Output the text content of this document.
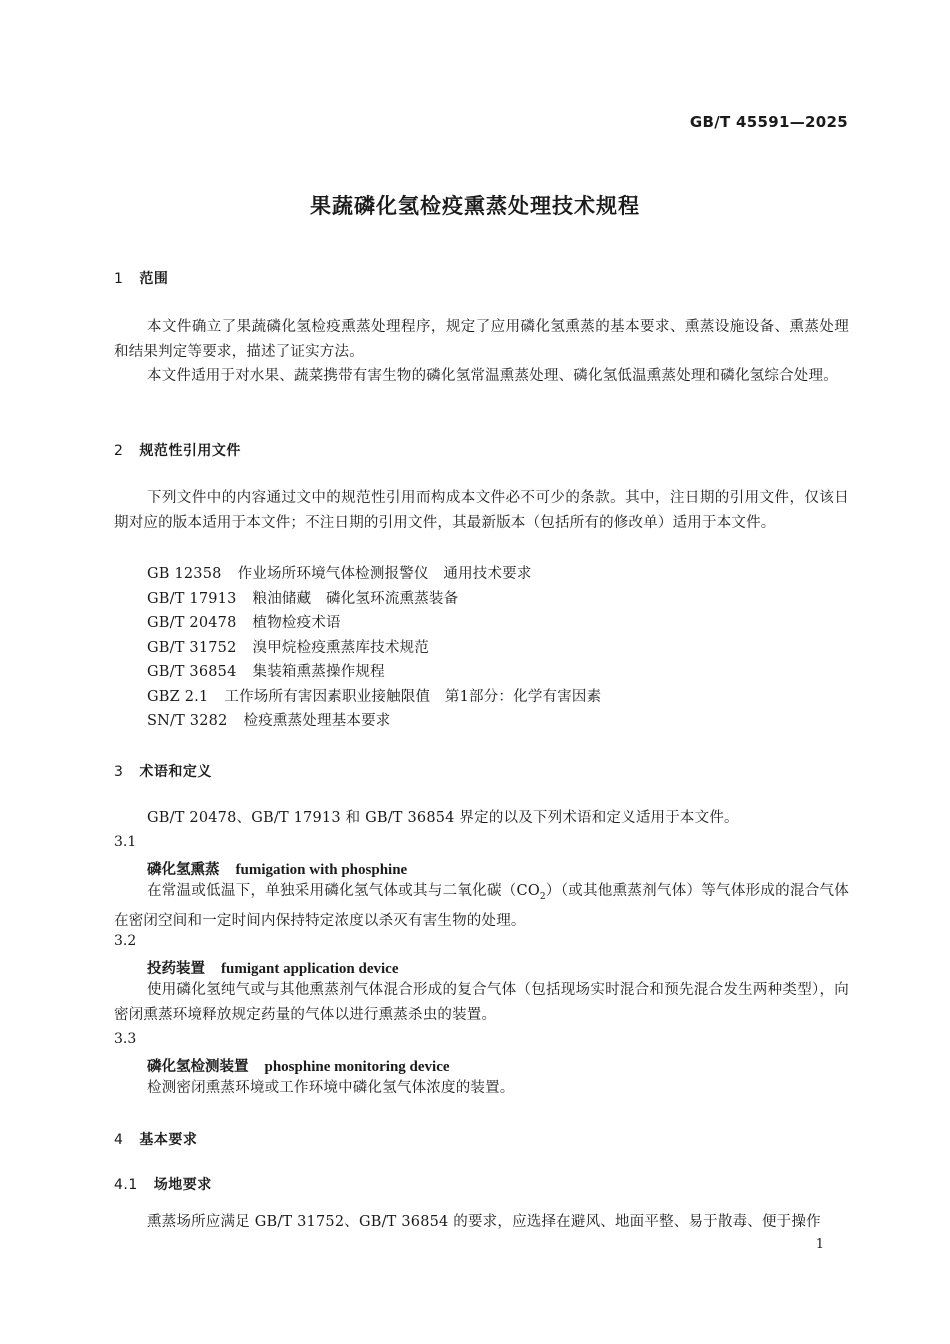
GB/T 45591—2025
果蔬磷化氢检疫熏蒸处理技术规程
1 范围
本文件确立了果蔬磷化氢检疫熏蒸处理程序，规定了应用磷化氢熏蒸的基本要求、熏蒸设施设备、熏蒸处理和结果判定等要求，描述了证实方法。
本文件适用于对水果、蔬菜携带有害生物的磷化氢常温熏蒸处理、磷化氢低温熏蒸处理和磷化氢综合处理。
2 规范性引用文件
下列文件中的内容通过文中的规范性引用而构成本文件必不可少的条款。其中，注日期的引用文件，仅该日期对应的版本适用于本文件；不注日期的引用文件，其最新版本（包括所有的修改单）适用于本文件。
GB 12358 作业场所环境气体检测报警仪　通用技术要求
GB/T 17913 粮油储藏　磷化氢环流熏蒸装备
GB/T 20478 植物检疫术语
GB/T 31752 溴甲烷检疫熏蒸库技术规范
GB/T 36854 集装箱熏蒸操作规程
GBZ 2.1 工作场所有害因素职业接触限值　第1部分：化学有害因素
SN/T 3282 检疫熏蒸处理基本要求
3 术语和定义
GB/T 20478、GB/T 17913 和 GB/T 36854 界定的以及下列术语和定义适用于本文件。
3.1
磷化氢熏蒸 fumigation with phosphine
在常温或低温下，单独采用磷化氢气体或其与二氧化碳$(CO_2)$（或其他熏蒸剂气体）等气体形成的混合气体在密闭空间和一定时间内保持特定浓度以杀灭有害生物的处理。
3.2
投药装置 fumigant application device
使用磷化氢纯气或与其他熏蒸剂气体混合形成的复合气体（包括现场实时混合和预先混合发生两种类型），向密闭熏蒸环境释放规定药量的气体以进行熏蒸杀虫的装置。
3.3
磷化氢检测装置 phosphine monitoring device
检测密闭熏蒸环境或工作环境中磷化氢气体浓度的装置。
4 基本要求
4.1 场地要求
熏蒸场所应满足 GB/T 31752、GB/T 36854 的要求，应选择在避风、地面平整、易于散毒、便于操作
1
